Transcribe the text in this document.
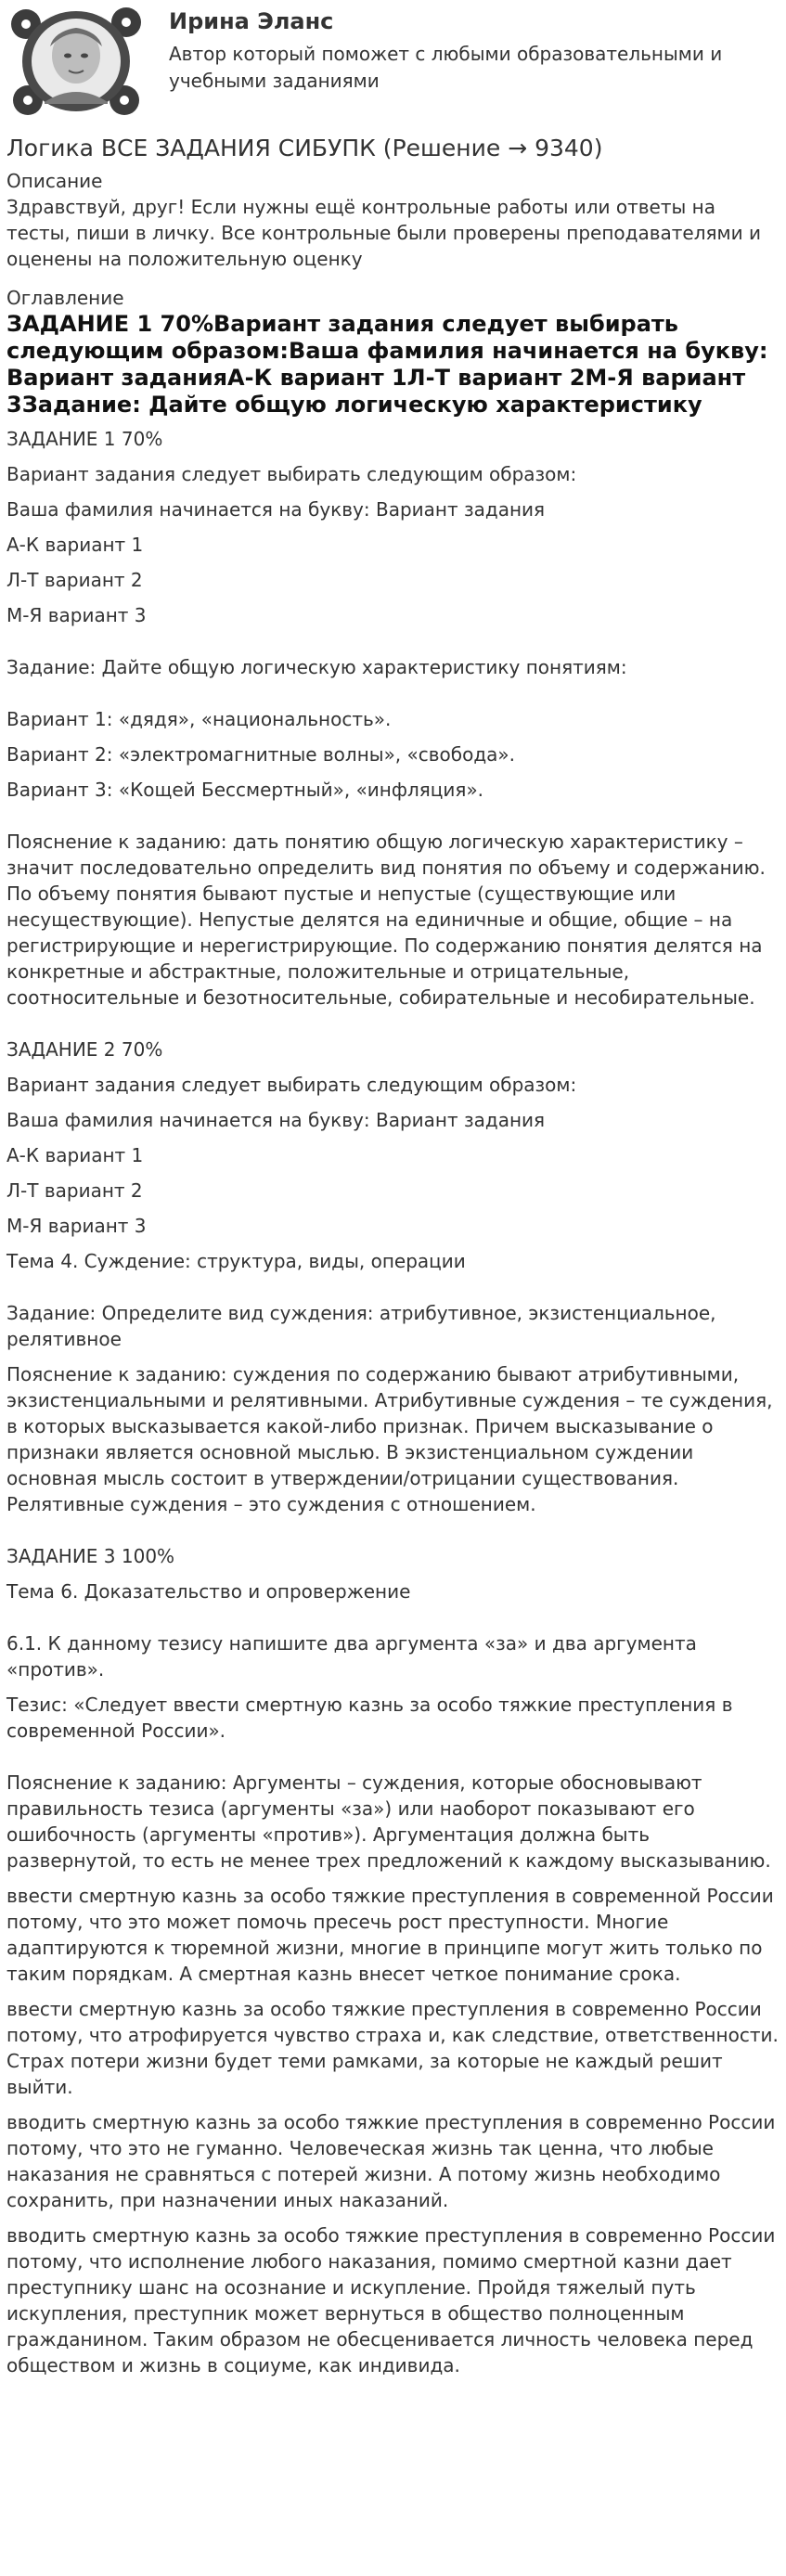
Ирина Эланс
Автор который поможет с любыми образовательными и учебными заданиями
Логика ВСЕ ЗАДАНИЯ СИБУПК (Решение → 9340)
Описание
Здравствуй, друг! Если нужны ещё контрольные работы или ответы на тесты, пиши в личку. Все контрольные были проверены преподавателями и оценены на положительную оценку
Оглавление
ЗАДАНИЕ 1 70%Вариант задания следует выбирать следующим образом:Ваша фамилия начинается на букву: Вариант заданияА-К вариант 1Л-Т вариант 2М-Я вариант 3Задание: Дайте общую логическую характеристику
ЗАДАНИЕ 1 70%
Вариант задания следует выбирать следующим образом:
Ваша фамилия начинается на букву: Вариант задания
А-К вариант 1
Л-Т вариант 2
М-Я вариант 3
Задание: Дайте общую логическую характеристику понятиям:
Вариант 1: «дядя», «национальность».
Вариант 2: «электромагнитные волны», «свобода».
Вариант 3: «Кощей Бессмертный», «инфляция».
Пояснение к заданию: дать понятию общую логическую характеристику – значит последовательно определить вид понятия по объему и содержанию. По объему понятия бывают пустые и непустые (существующие или несуществующие). Непустые делятся на единичные и общие, общие – на регистрирующие и нерегистрирующие. По содержанию понятия делятся на конкретные и абстрактные, положительные и отрицательные, соотносительные и безотносительные, собирательные и несобирательные.
ЗАДАНИЕ 2 70%
Вариант задания следует выбирать следующим образом:
Ваша фамилия начинается на букву: Вариант задания
А-К вариант 1
Л-Т вариант 2
М-Я вариант 3
Тема 4. Суждение: структура, виды, операции
Задание: Определите вид суждения: атрибутивное, экзистенциальное, релятивное
Пояснение к заданию: суждения по содержанию бывают атрибутивными, экзистенциальными и релятивными. Атрибутивные суждения – те суждения, в которых высказывается какой-либо признак. Причем высказывание о признаки является основной мыслью. В экзистенциальном суждении основная мысль состоит в утверждении/отрицании существования. Релятивные суждения – это суждения с отношением.
ЗАДАНИЕ 3 100%
Тема 6. Доказательство и опровержение
6.1. К данному тезису напишите два аргумента «за» и два аргумента «против».
Тезис: «Следует ввести смертную казнь за особо тяжкие преступления в современной России».
Пояснение к заданию: Аргументы – суждения, которые обосновывают правильность тезиса (аргументы «за») или наоборот показывают его ошибочность (аргументы «против»). Аргументация должна быть развернутой, то есть не менее трех предложений к каждому высказыванию.
ввести смертную казнь за особо тяжкие преступления в современной России потому, что это может помочь пресечь рост преступности. Многие адаптируются к тюремной жизни, многие в принципе могут жить только по таким порядкам. А смертная казнь внесет четкое понимание срока.
ввести смертную казнь за особо тяжкие преступления в современно России потому, что атрофируется чувство страха и, как следствие, ответственности. Страх потери жизни будет теми рамками, за которые не каждый решит выйти.
вводить смертную казнь за особо тяжкие преступления в современно России потому, что это не гуманно. Человеческая жизнь так ценна, что любые наказания не сравняться с потерей жизни. А потому жизнь необходимо сохранить, при назначении иных наказаний.
вводить смертную казнь за особо тяжкие преступления в современно России потому, что исполнение любого наказания, помимо смертной казни дает преступнику шанс на осознание и искупление. Пройдя тяжелый путь искупления, преступник может вернуться в общество полноценным гражданином. Таким образом не обесценивается личность человека перед обществом и жизнь в социуме, как индивида.
